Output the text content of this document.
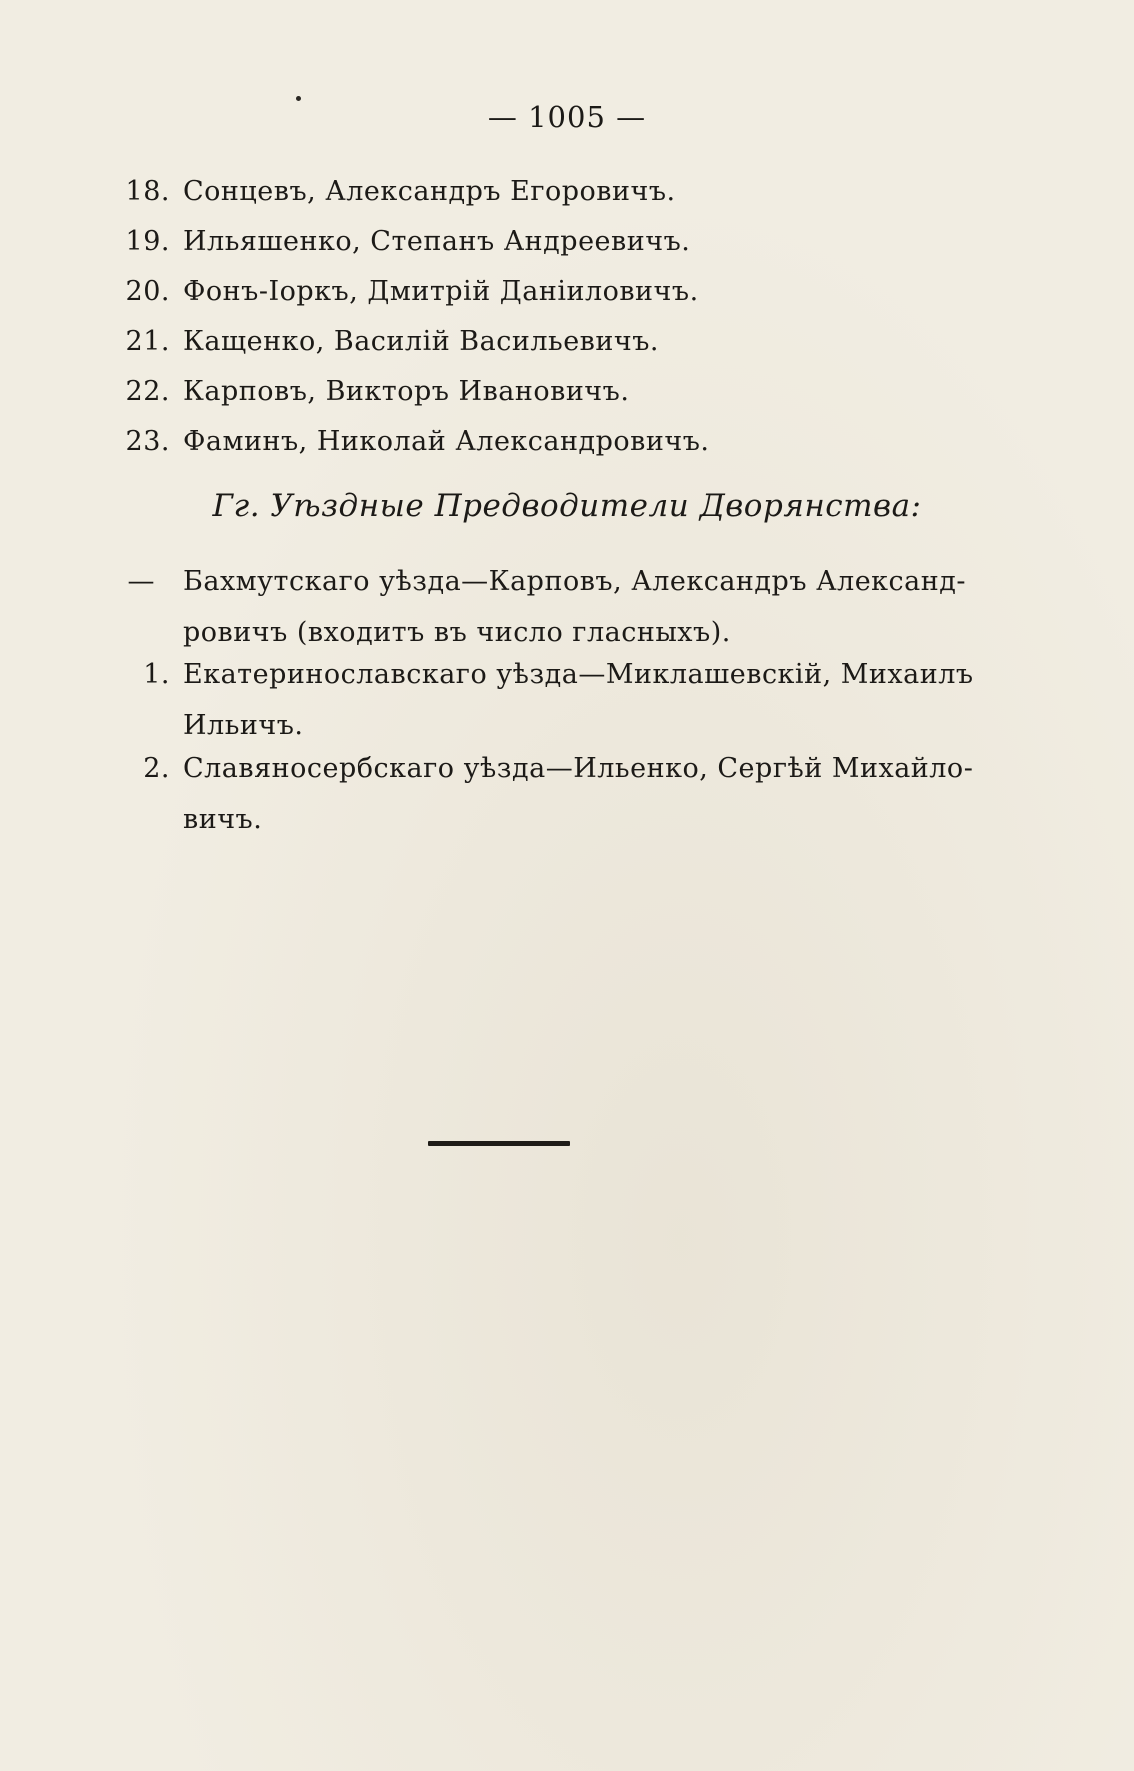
— 1005 —
18. Сонцевъ, Александръ Егоровичъ.
19. Ильяшенко, Степанъ Андреевичъ.
20. Фонъ-Іоркъ, Дмитрій Даніиловичъ.
21. Кащенко, Василій Васильевичъ.
22. Карповъ, Викторъ Ивановичъ.
23. Фаминъ, Николай Александровичъ.
Гг. Уѣздные Предводители Дворянства:
— Бахмутскаго уѣзда—Карповъ, Александръ Александ-
ровичъ (входитъ въ число гласныхъ).
1. Екатеринославскаго уѣзда—Миклашевскій, Михаилъ
Ильичъ.
2. Славяносербскаго уѣзда—Ильенко, Сергѣй Михайло-
вичъ.
